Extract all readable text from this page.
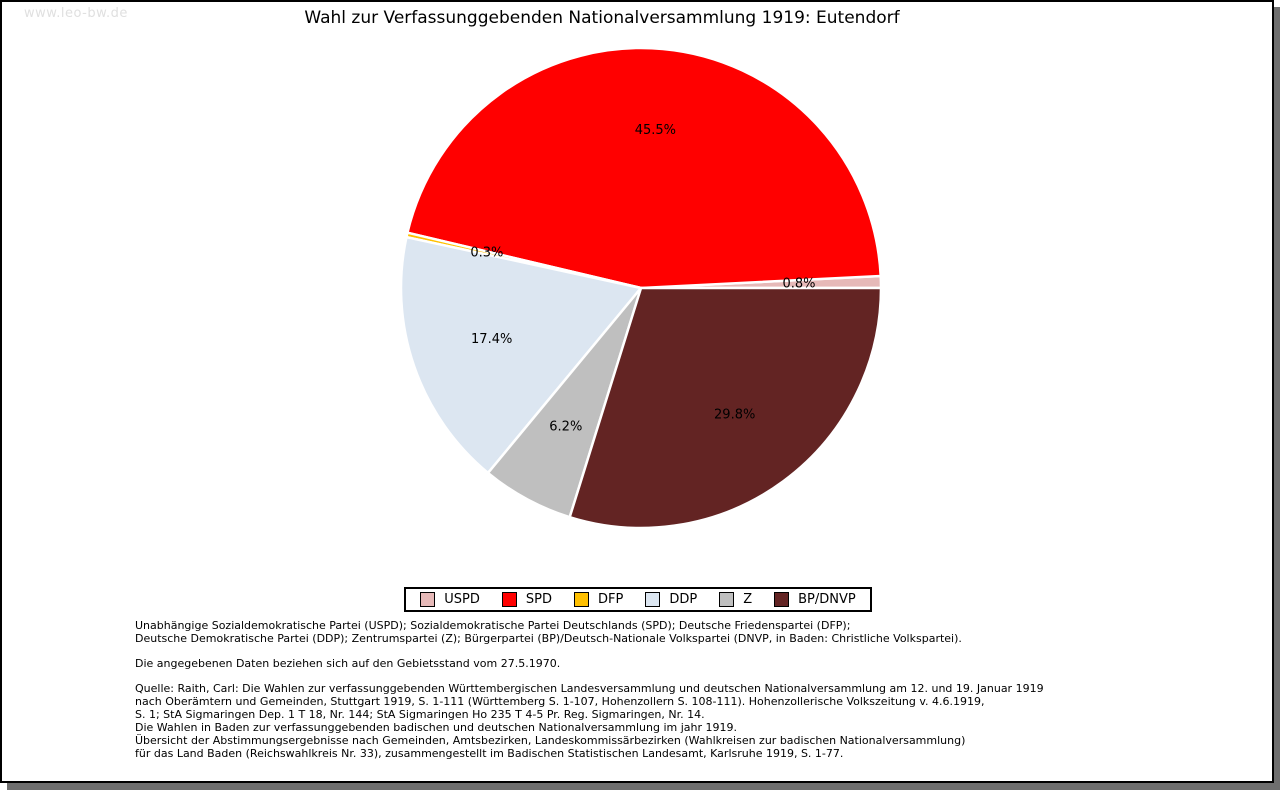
www.leo-bw.de	Wahl zur Verfassunggebenden Nationalversammlung 1919: Eutendorf
0.8%
45.5%
0.3%
17.4%
6.2%
29.8%
USPD	SPD	DFP	DDP	Z	BP/DNVP
Unabhängige Sozialdemokratische Partei (USPD); Sozialdemokratische Partei Deutschlands (SPD); Deutsche Friedenspartei (DFP);
Deutsche Demokratische Partei (DDP); Zentrumspartei (Z); Bürgerpartei (BP)/Deutsch-Nationale Volkspartei (DNVP, in Baden: Christliche Volkspartei).
Die angegebenen Daten beziehen sich auf den Gebietsstand vom 27.5.1970.
Quelle: Raith, Carl: Die Wahlen zur verfassunggebenden Württembergischen Landesversammlung und deutschen Nationalversammlung am 12. und 19. Januar 1919
nach Oberämtern und Gemeinden, Stuttgart 1919, S. 1-111 (Württemberg S. 1-107, Hohenzollern S. 108-111). Hohenzollerische Volkszeitung v. 4.6.1919,
S. 1; StA Sigmaringen Dep. 1 T 18, Nr. 144; StA Sigmaringen Ho 235 T 4-5 Pr. Reg. Sigmaringen, Nr. 14.
Die Wahlen in Baden zur verfassunggebenden badischen und deutschen Nationalversammlung im jahr 1919.
Übersicht der Abstimmungsergebnisse nach Gemeinden, Amtsbezirken, Landeskommissärbezirken (Wahlkreisen zur badischen Nationalversammlung)
für das Land Baden (Reichswahlkreis Nr. 33), zusammengestellt im Badischen Statistischen Landesamt, Karlsruhe 1919, S. 1-77.
